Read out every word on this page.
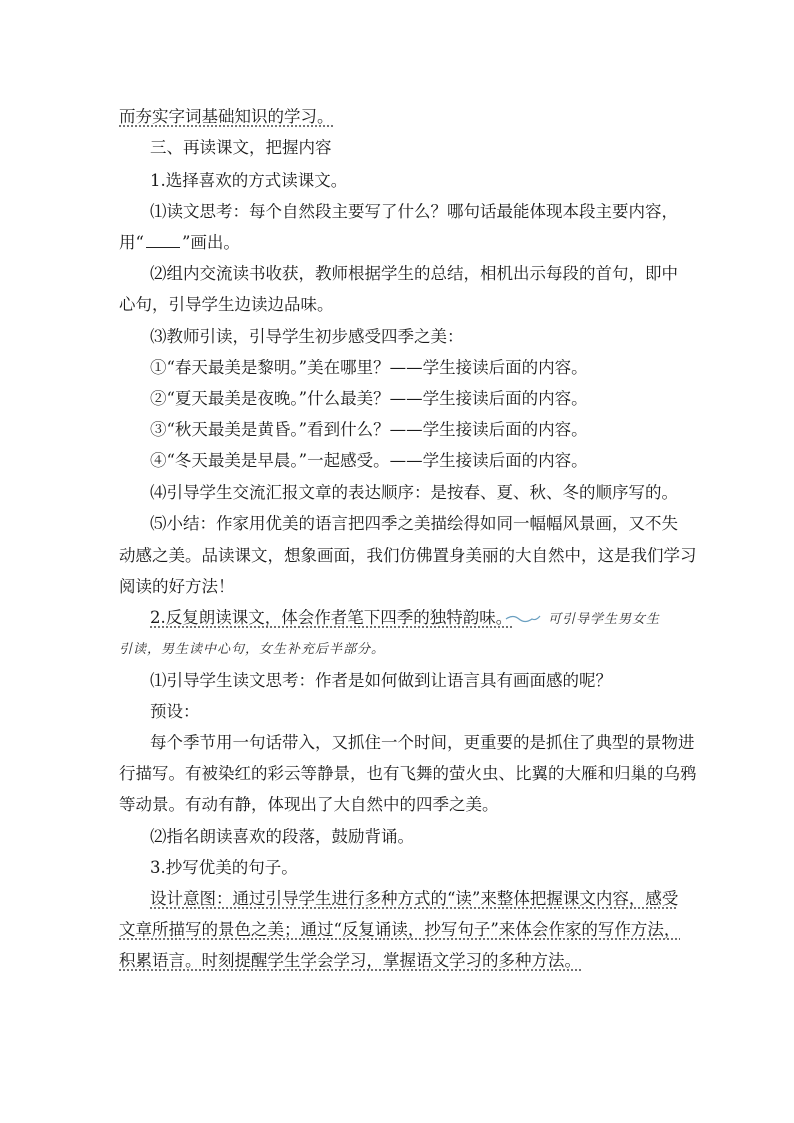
而夯实字词基础知识的学习。
三、再读课文，把握内容
1.选择喜欢的方式读课文。
⑴读文思考：每个自然段主要写了什么？哪句话最能体现本段主要内容，
用“ ”画出。
⑵组内交流读书收获，教师根据学生的总结，相机出示每段的首句，即中
心句，引导学生边读边品味。
⑶教师引读，引导学生初步感受四季之美：
①“春天最美是黎明。”美在哪里？——学生接读后面的内容。
②“夏天最美是夜晚。”什么最美？——学生接读后面的内容。
③“秋天最美是黄昏。”看到什么？——学生接读后面的内容。
④“冬天最美是早晨。”一起感受。——学生接读后面的内容。
⑷引导学生交流汇报文章的表达顺序：是按春、夏、秋、冬的顺序写的。
⑸小结：作家用优美的语言把四季之美描绘得如同一幅幅风景画，又不失
动感之美。品读课文，想象画面，我们仿佛置身美丽的大自然中，这是我们学习
阅读的好方法！
2.反复朗读课文，体会作者笔下四季的独特韵味。	可引导学生男女生
引读，男生读中心句，女生补充后半部分。
⑴引导学生读文思考：作者是如何做到让语言具有画面感的呢？
预设：
每个季节用一句话带入，又抓住一个时间，更重要的是抓住了典型的景物进
行描写。有被染红的彩云等静景，也有飞舞的萤火虫、比翼的大雁和归巢的乌鸦
等动景。有动有静，体现出了大自然中的四季之美。
⑵指名朗读喜欢的段落，鼓励背诵。
3.抄写优美的句子。
设计意图：通过引导学生进行多种方式的“读”来整体把握课文内容，感受
文章所描写的景色之美；通过“反复诵读，抄写句子”来体会作家的写作方法，
积累语言。时刻提醒学生学会学习，掌握语文学习的多种方法。
